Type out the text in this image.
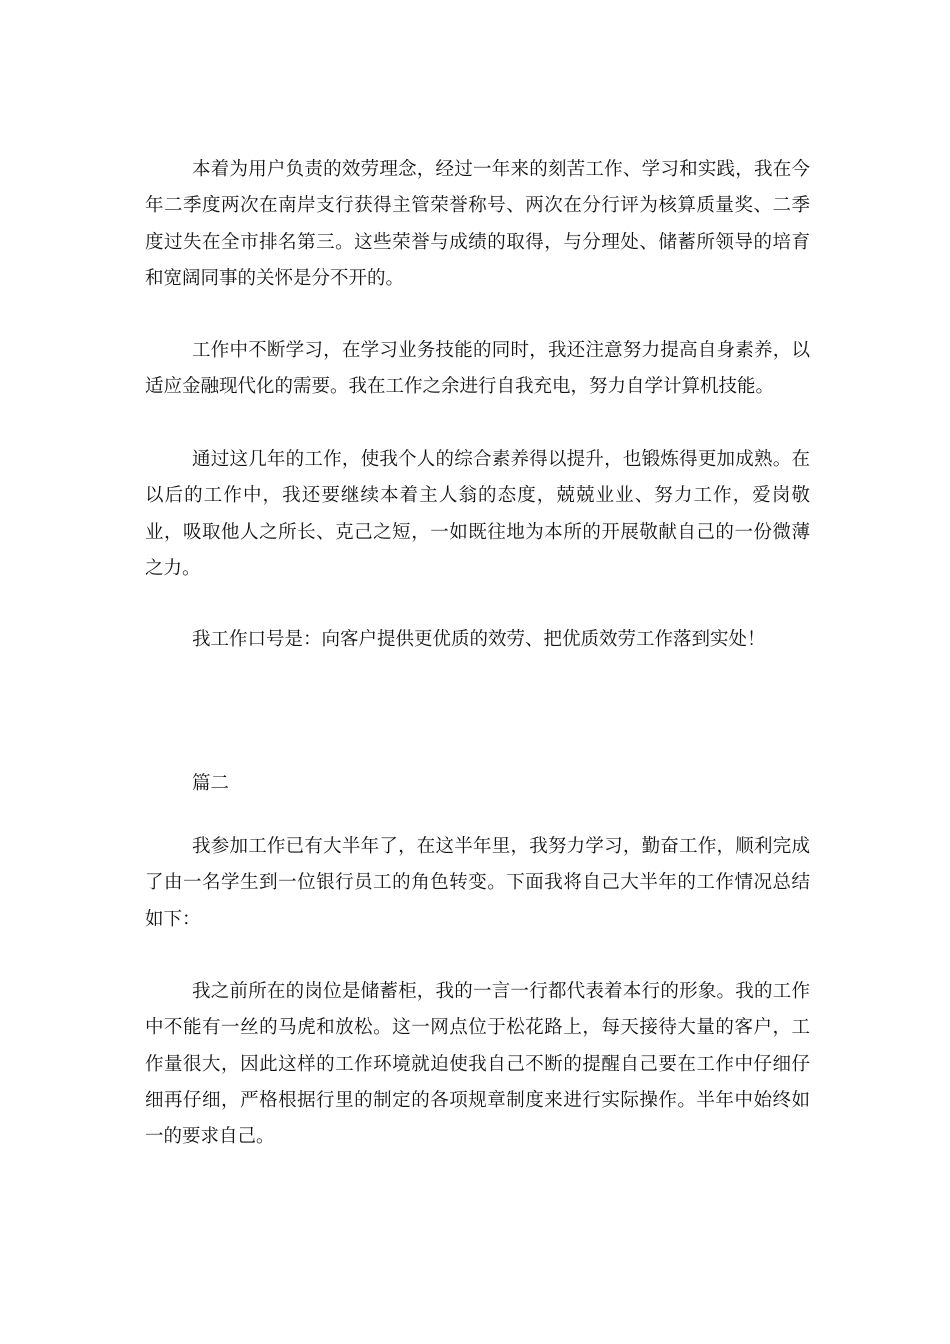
本着为用户负责的效劳理念，经过一年来的刻苦工作、学习和实践，我在今年二季度两次在南岸支行获得主管荣誉称号、两次在分行评为核算质量奖、二季度过失在全市排名第三。这些荣誉与成绩的取得，与分理处、储蓄所领导的培育和宽阔同事的关怀是分不开的。

工作中不断学习，在学习业务技能的同时，我还注意努力提高自身素养，以适应金融现代化的需要。我在工作之余进行自我充电，努力自学计算机技能。

通过这几年的工作，使我个人的综合素养得以提升，也锻炼得更加成熟。在以后的工作中，我还要继续本着主人翁的态度，兢兢业业、努力工作，爱岗敬业，吸取他人之所长、克己之短，一如既往地为本所的开展敬献自己的一份微薄之力。

我工作口号是：向客户提供更优质的效劳、把优质效劳工作落到实处！

篇二

我参加工作已有大半年了，在这半年里，我努力学习，勤奋工作，顺利完成了由一名学生到一位银行员工的角色转变。下面我将自己大半年的工作情况总结如下：

我之前所在的岗位是储蓄柜，我的一言一行都代表着本行的形象。我的工作中不能有一丝的马虎和放松。这一网点位于松花路上，每天接待大量的客户，工作量很大，因此这样的工作环境就迫使我自己不断的提醒自己要在工作中仔细仔细再仔细，严格根据行里的制定的各项规章制度来进行实际操作。半年中始终如一的要求自己。
